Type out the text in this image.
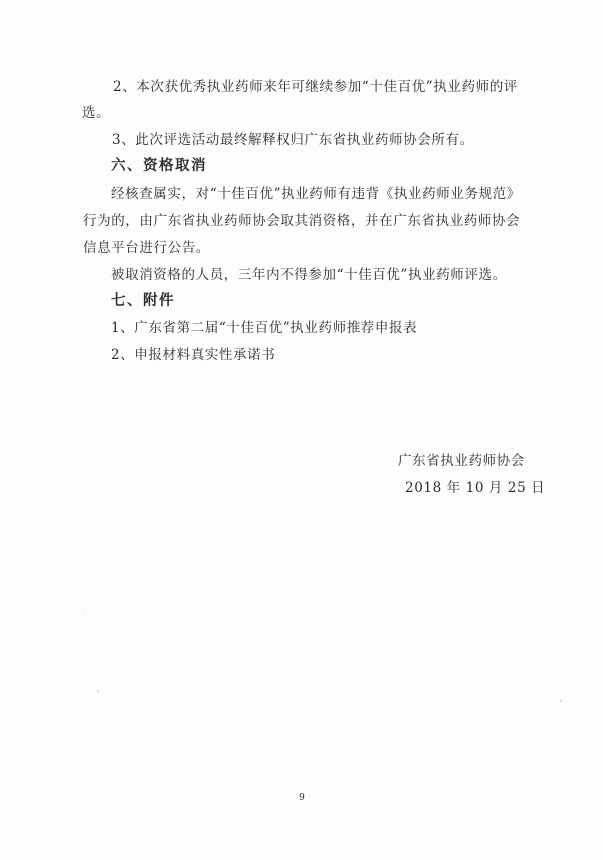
2、本次获优秀执业药师来年可继续参加“十佳百优”执业药师的评
选。
3、此次评选活动最终解释权归广东省执业药师协会所有。
六、资格取消
经核查属实，对“十佳百优”执业药师有违背《执业药师业务规范》
行为的，由广东省执业药师协会取其消资格，并在广东省执业药师协会
信息平台进行公告。
被取消资格的人员，三年内不得参加“十佳百优”执业药师评选。
七、附件
1、广东省第二届“十佳百优”执业药师推荐申报表
2、申报材料真实性承诺书
广东省执业药师协会
2018 年 10 月 25 日
9
